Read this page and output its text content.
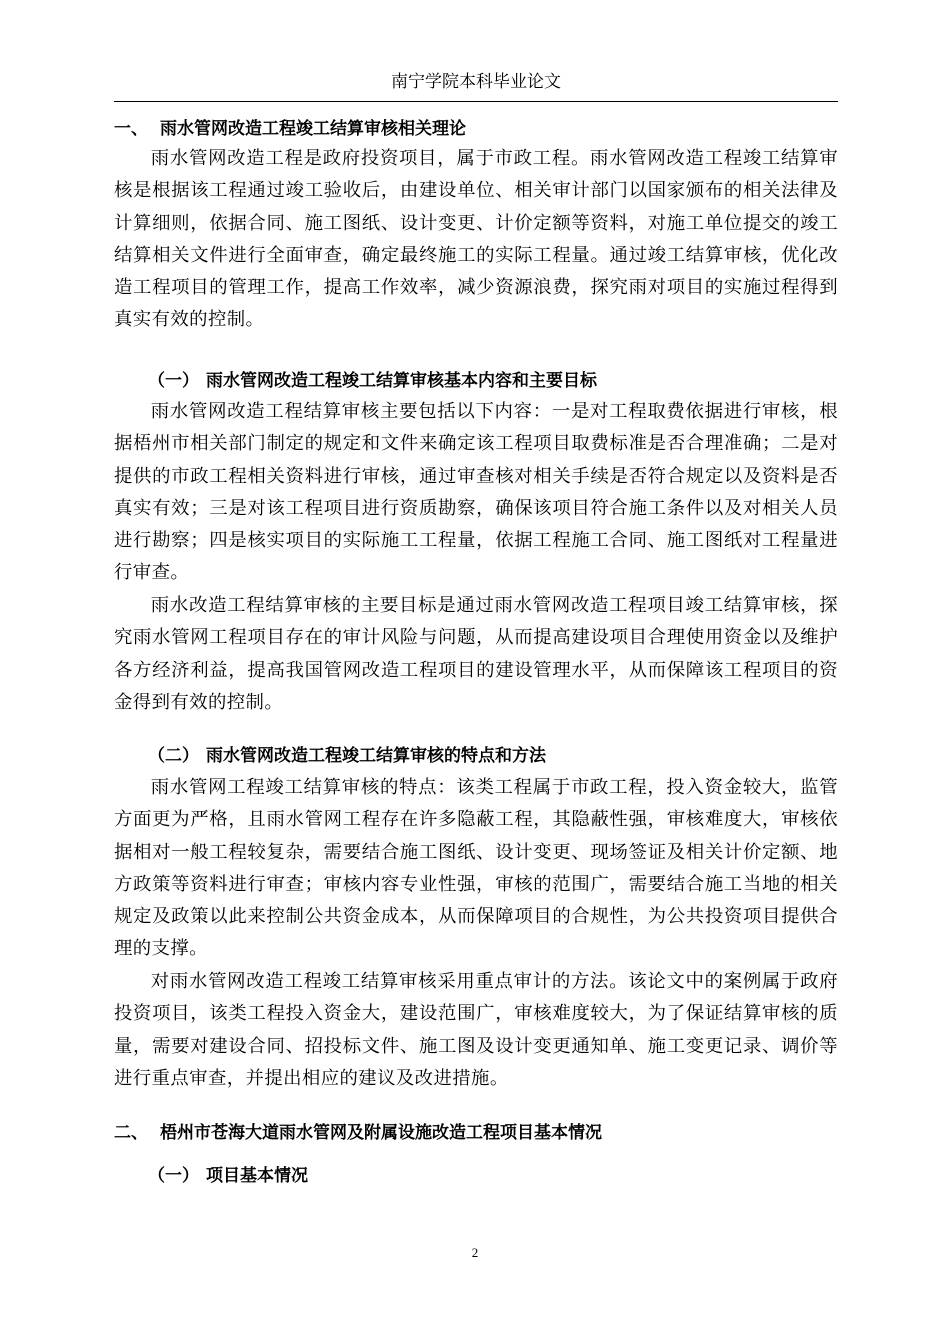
南宁学院本科毕业论文
一、 雨水管网改造工程竣工结算审核相关理论

雨水管网改造工程是政府投资项目，属于市政工程。雨水管网改造工程竣工结算审核是根据该工程通过竣工验收后，由建设单位、相关审计部门以国家颁布的相关法律及计算细则，依据合同、施工图纸、设计变更、计价定额等资料，对施工单位提交的竣工结算相关文件进行全面审查，确定最终施工的实际工程量。通过竣工结算审核，优化改造工程项目的管理工作，提高工作效率，减少资源浪费，探究雨对项目的实施过程得到真实有效的控制。

（一） 雨水管网改造工程竣工结算审核基本内容和主要目标

雨水管网改造工程结算审核主要包括以下内容：一是对工程取费依据进行审核，根据梧州市相关部门制定的规定和文件来确定该工程项目取费标准是否合理准确；二是对提供的市政工程相关资料进行审核，通过审查核对相关手续是否符合规定以及资料是否真实有效；三是对该工程项目进行资质勘察，确保该项目符合施工条件以及对相关人员进行勘察；四是核实项目的实际施工工程量，依据工程施工合同、施工图纸对工程量进行审查。

雨水改造工程结算审核的主要目标是通过雨水管网改造工程项目竣工结算审核，探究雨水管网工程项目存在的审计风险与问题，从而提高建设项目合理使用资金以及维护各方经济利益，提高我国管网改造工程项目的建设管理水平，从而保障该工程项目的资金得到有效的控制。

（二） 雨水管网改造工程竣工结算审核的特点和方法

雨水管网工程竣工结算审核的特点：该类工程属于市政工程，投入资金较大，监管方面更为严格，且雨水管网工程存在许多隐蔽工程，其隐蔽性强，审核难度大，审核依据相对一般工程较复杂，需要结合施工图纸、设计变更、现场签证及相关计价定额、地方政策等资料进行审查；审核内容专业性强，审核的范围广，需要结合施工当地的相关规定及政策以此来控制公共资金成本，从而保障项目的合规性，为公共投资项目提供合理的支撑。

对雨水管网改造工程竣工结算审核采用重点审计的方法。该论文中的案例属于政府投资项目，该类工程投入资金大，建设范围广，审核难度较大，为了保证结算审核的质量，需要对建设合同、招投标文件、施工图及设计变更通知单、施工变更记录、调价等进行重点审查，并提出相应的建议及改进措施。

二、 梧州市苍海大道雨水管网及附属设施改造工程项目基本情况
（一） 项目基本情况
2
